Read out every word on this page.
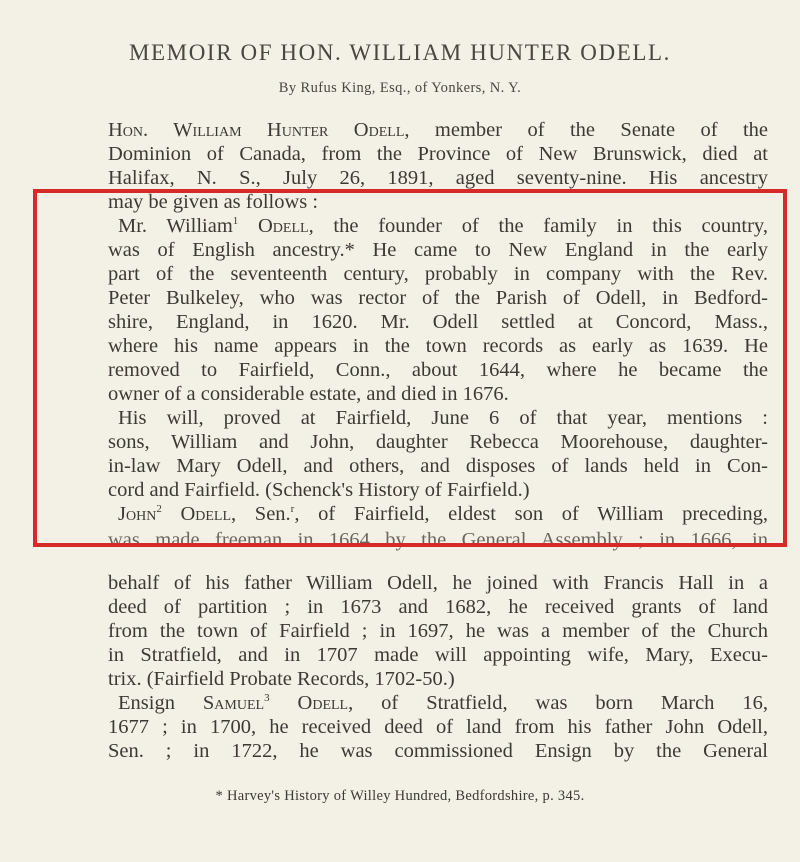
MEMOIR OF HON. WILLIAM HUNTER ODELL.
By Rufus King, Esq., of Yonkers, N. Y.
Hon. William Hunter Odell, member of the Senate of the
Dominion of Canada, from the Province of New Brunswick, died at
Halifax, N. S., July 26, 1891, aged seventy-nine. His ancestry
may be given as follows :
Mr. William$^1$ Odell, the founder of the family in this country,
was of English ancestry.* He came to New England in the early
part of the seventeenth century, probably in company with the Rev.
Peter Bulkeley, who was rector of the Parish of Odell, in Bedford-
shire, England, in 1620. Mr. Odell settled at Concord, Mass.,
where his name appears in the town records as early as 1639. He
removed to Fairfield, Conn., about 1644, where he became the
owner of a considerable estate, and died in 1676.
His will, proved at Fairfield, June 6 of that year, mentions :
sons, William and John, daughter Rebecca Moorehouse, daughter-
in-law Mary Odell, and others, and disposes of lands held in Con-
cord and Fairfield. (Schenck's History of Fairfield.)
John$^2$ Odell, Sen.$^r$, of Fairfield, eldest son of William preceding,
was made freeman in 1664 by the General Assembly ; in 1666, in
behalf of his father William Odell, he joined with Francis Hall in a
deed of partition ; in 1673 and 1682, he received grants of land
from the town of Fairfield ; in 1697, he was a member of the Church
in Stratfield, and in 1707 made will appointing wife, Mary, Execu-
trix. (Fairfield Probate Records, 1702-50.)
Ensign Samuel$^3$ Odell, of Stratfield, was born March 16,
1677 ; in 1700, he received deed of land from his father John Odell,
Sen. ; in 1722, he was commissioned Ensign by the General
* Harvey's History of Willey Hundred, Bedfordshire, p. 345.
